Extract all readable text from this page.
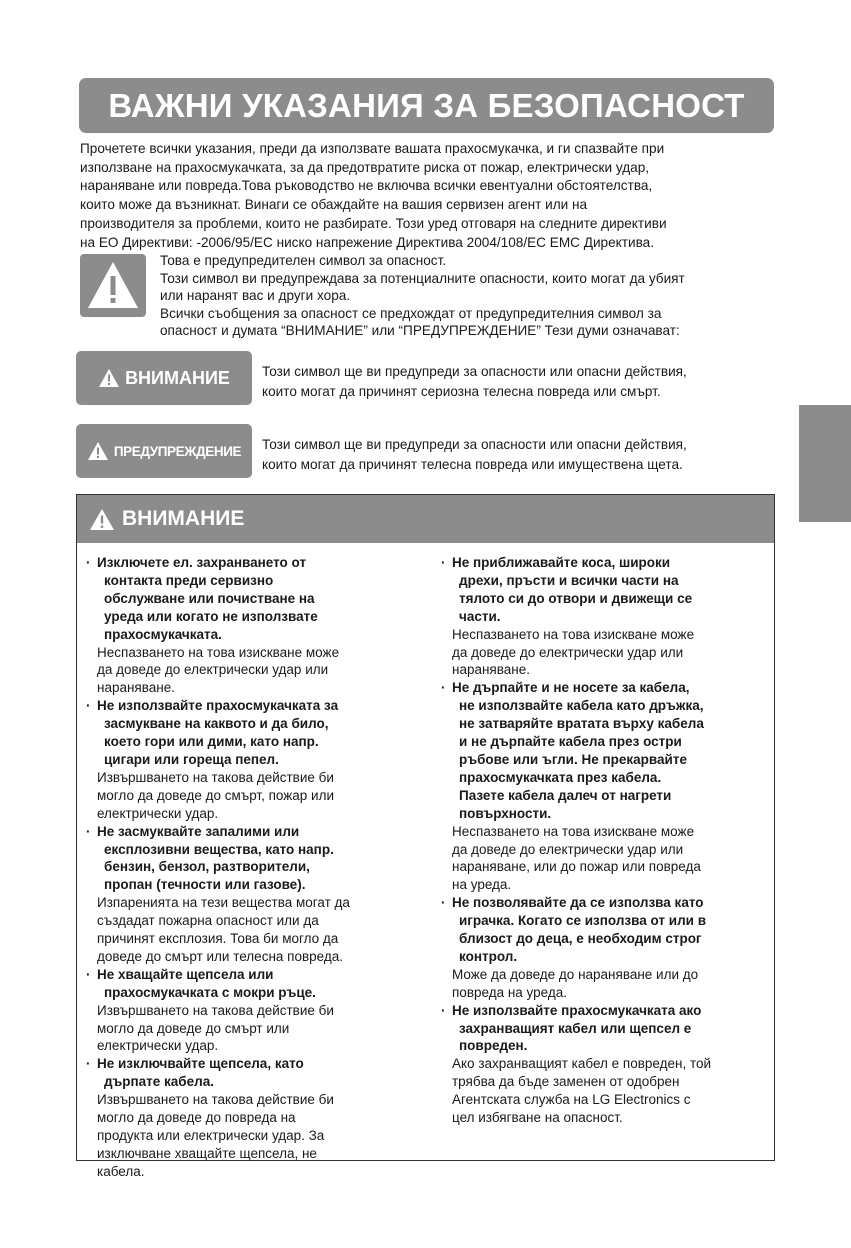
ВАЖНИ УКАЗАНИЯ ЗА БЕЗОПАСНОСТ
Прочетете всички указания, преди да използвате вашата прахосмукачка, и ги спазвайте при
използване на прахосмукачката, за да предотвратите риска от пожар, електрически удар,
нараняване или повреда.Това ръководство не включва всички евентуални обстоятелства,
които може да възникнат. Винаги се обаждайте на вашия сервизен агент или на
производителя за проблеми, които не разбирате. Този уред отговаря на следните директиви
на ЕО Директиви: -2006/95/ЕС ниско напрежение Директива 2004/108/ЕС EMC Директива.
Това е предупредителен символ за опасност.
Този символ ви предупреждава за потенциалните опасности, които могат да убият
или наранят вас и други хора.
Всички съобщения за опасност се предхождат от предупредителния символ за
опасност и думата “ВНИМАНИЕ” или “ПРЕДУПРЕЖДЕНИЕ” Тези думи означават:
ВНИМАНИЕ Този символ ще ви предупреди за опасности или опасни действия,
които могат да причинят сериозна телесна повреда или смърт.
ПРЕДУПРЕЖДЕНИЕ Този символ ще ви предупреди за опасности или опасни действия,
които могат да причинят телесна повреда или имуществена щета.
ВНИМАНИЕ
· Изключете ел. захранването от
контакта преди сервизно
обслужване или почистване на
уреда или когато не използвате
прахосмукачката.
Неспазването на това изискване може
да доведе до електрически удар или
нараняване.
· Не използвайте прахосмукачката за
засмукване на каквото и да било,
което гори или дими, като напр.
цигари или гореща пепел.
Извършването на такова действие би
могло да доведе до смърт, пожар или
електрически удар.
· Не засмуквайте запалими или
експлозивни вещества, като напр.
бензин, бензол, разтворители,
пропан (течности или газове).
Изпаренията на тези вещества могат да
създадат пожарна опасност или да
причинят експлозия. Това би могло да
доведе до смърт или телесна повреда.
· Не хващайте щепсела или
прахосмукачката с мокри ръце.
Извършването на такова действие би
могло да доведе до смърт или
електрически удар.
· Не изключвайте щепсела, като
дърпате кабела.
Извършването на такова действие би
могло да доведе до повреда на
продукта или електрически удар. За
изключване хващайте щепсела, не
кабела.
· Не приближавайте коса, широки
дрехи, пръсти и всички части на
тялото си до отвори и движещи се
части.
Неспазването на това изискване може
да доведе до електрически удар или
нараняване.
· Не дърпайте и не носете за кабела,
не използвайте кабела като дръжка,
не затваряйте вратата върху кабела
и не дърпайте кабела през остри
ръбове или ъгли. Не прекарвайте
прахосмукачката през кабела.
Пазете кабела далеч от нагрети
повърхности.
Неспазването на това изискване може
да доведе до електрически удар или
нараняване, или до пожар или повреда
на уреда.
· Не позволявайте да се използва като
играчка. Когато се използва от или в
близост до деца, е необходим строг
контрол.
Може да доведе до нараняване или до
повреда на уреда.
· Не използвайте прахосмукачката ако
захранващият кабел или щепсел е
повреден.
Ако захранващият кабел е повреден, той
трябва да бъде заменен от одобрен
Агентската служба на LG Electronics с
цел избягване на опасност.
